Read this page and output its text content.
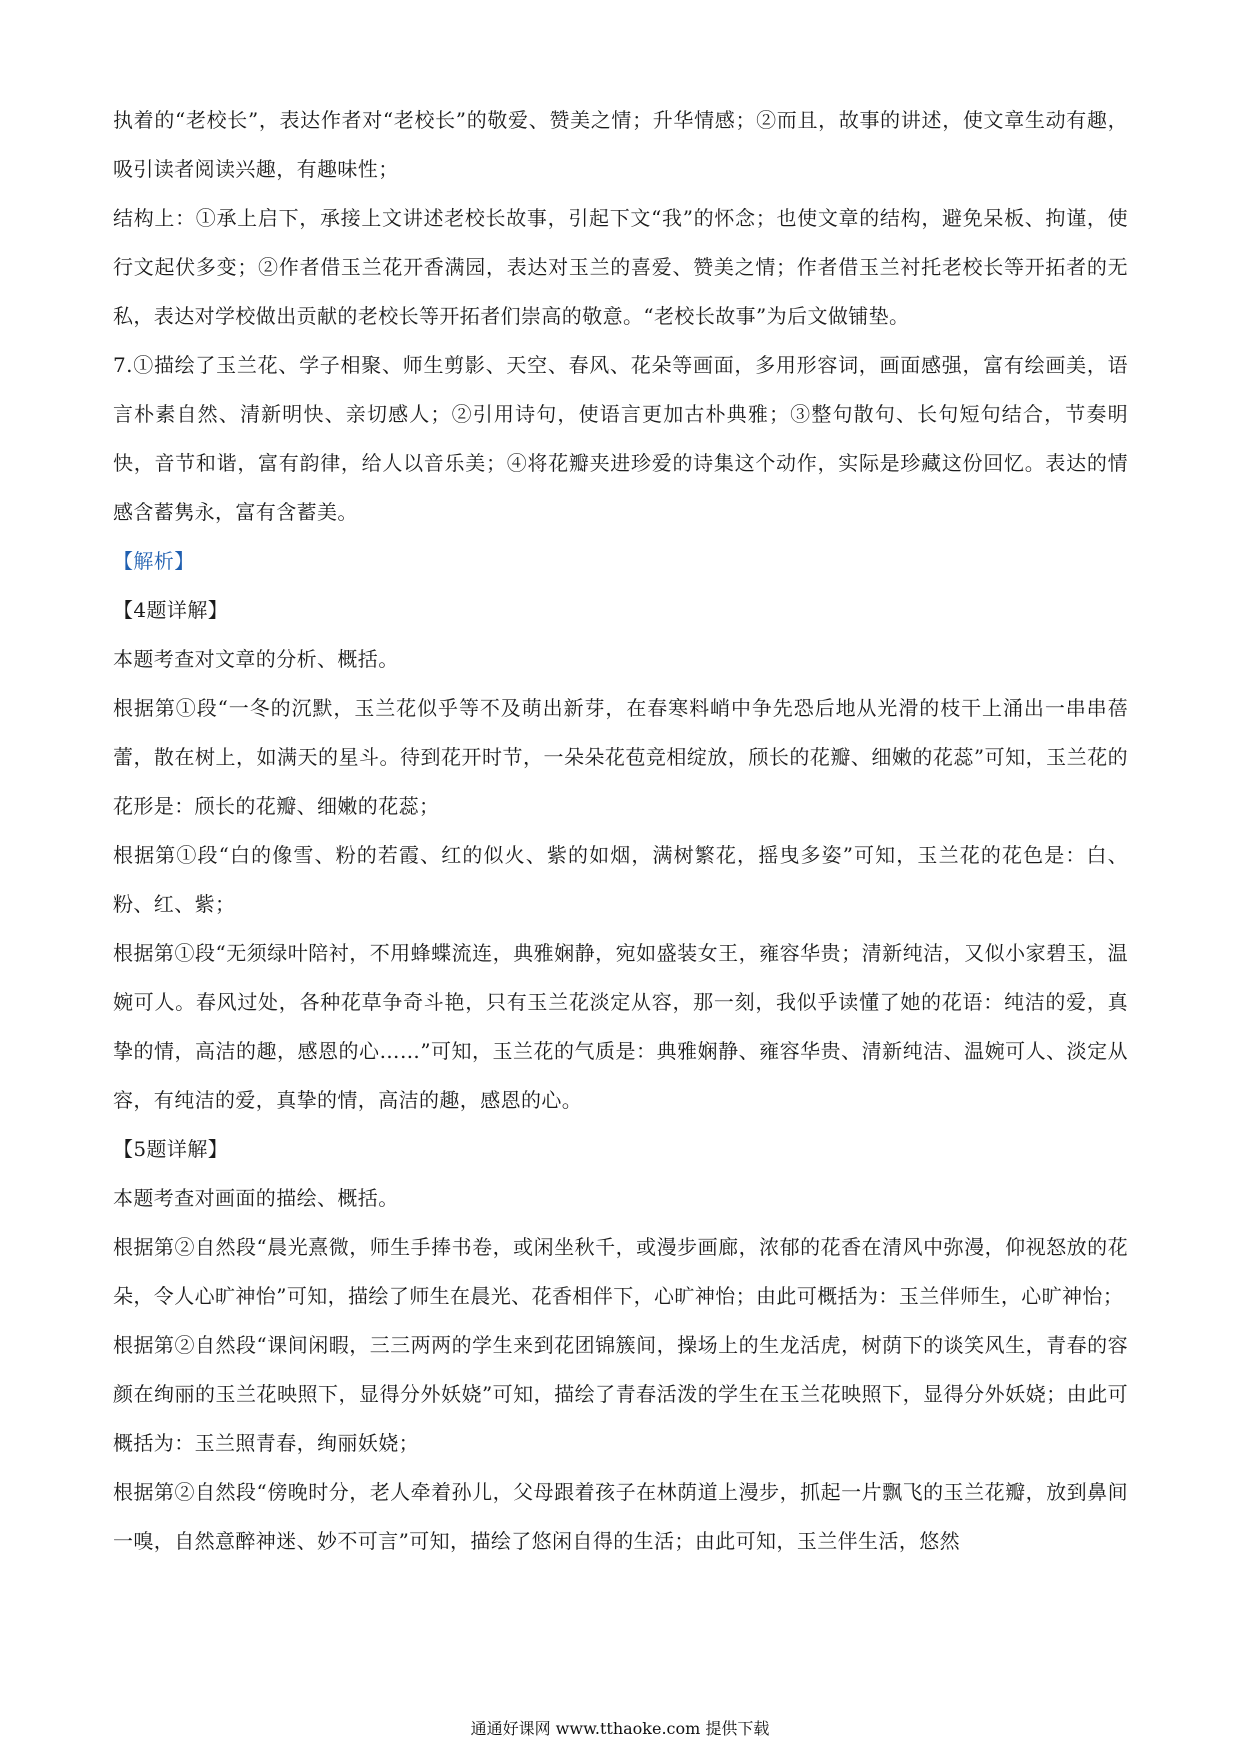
执着的“老校长”，表达作者对“老校长”的敬爱、赞美之情；升华情感；②而且，故事的讲述，使文章生动有趣，吸引读者阅读兴趣，有趣味性；

结构上：①承上启下，承接上文讲述老校长故事，引起下文“我”的怀念；也使文章的结构，避免呆板、拘谨，使行文起伏多变；②作者借玉兰花开香满园，表达对玉兰的喜爱、赞美之情；作者借玉兰衬托老校长等开拓者的无私，表达对学校做出贡献的老校长等开拓者们崇高的敬意。“老校长故事”为后文做铺垫。

7.①描绘了玉兰花、学子相聚、师生剪影、天空、春风、花朵等画面，多用形容词，画面感强，富有绘画美，语言朴素自然、清新明快、亲切感人；②引用诗句，使语言更加古朴典雅；③整句散句、长句短句结合，节奏明快，音节和谐，富有韵律，给人以音乐美；④将花瓣夹进珍爱的诗集这个动作，实际是珍藏这份回忆。表达的情感含蓄隽永，富有含蓄美。

【解析】

【4题详解】

本题考查对文章的分析、概括。

根据第①段“一冬的沉默，玉兰花似乎等不及萌出新芽，在春寒料峭中争先恐后地从光滑的枝干上涌出一串串蓓蕾，散在树上，如满天的星斗。待到花开时节，一朵朵花苞竞相绽放，颀长的花瓣、细嫩的花蕊”可知，玉兰花的花形是：颀长的花瓣、细嫩的花蕊；

根据第①段“白的像雪、粉的若霞、红的似火、紫的如烟，满树繁花，摇曳多姿”可知，玉兰花的花色是：白、粉、红、紫；

根据第①段“无须绿叶陪衬，不用蜂蝶流连，典雅娴静，宛如盛装女王，雍容华贵；清新纯洁，又似小家碧玉，温婉可人。春风过处，各种花草争奇斗艳，只有玉兰花淡定从容，那一刻，我似乎读懂了她的花语：纯洁的爱，真挚的情，高洁的趣，感恩的心……”可知，玉兰花的气质是：典雅娴静、雍容华贵、清新纯洁、温婉可人、淡定从容，有纯洁的爱，真挚的情，高洁的趣，感恩的心。

【5题详解】

本题考查对画面的描绘、概括。

根据第②自然段“晨光熹微，师生手捧书卷，或闲坐秋千，或漫步画廊，浓郁的花香在清风中弥漫，仰视怒放的花朵，令人心旷神怡”可知，描绘了师生在晨光、花香相伴下，心旷神怡；由此可概括为：玉兰伴师生，心旷神怡；

根据第②自然段“课间闲暇，三三两两的学生来到花团锦簇间，操场上的生龙活虎，树荫下的谈笑风生，青春的容颜在绚丽的玉兰花映照下，显得分外妖娆”可知，描绘了青春活泼的学生在玉兰花映照下，显得分外妖娆；由此可概括为：玉兰照青春，绚丽妖娆；

根据第②自然段“傍晚时分，老人牵着孙儿，父母跟着孩子在林荫道上漫步，抓起一片飘飞的玉兰花瓣，放到鼻间一嗅，自然意醉神迷、妙不可言”可知，描绘了悠闲自得的生活；由此可知，玉兰伴生活，悠然

通通好课网 www.tthaoke.com 提供下载
